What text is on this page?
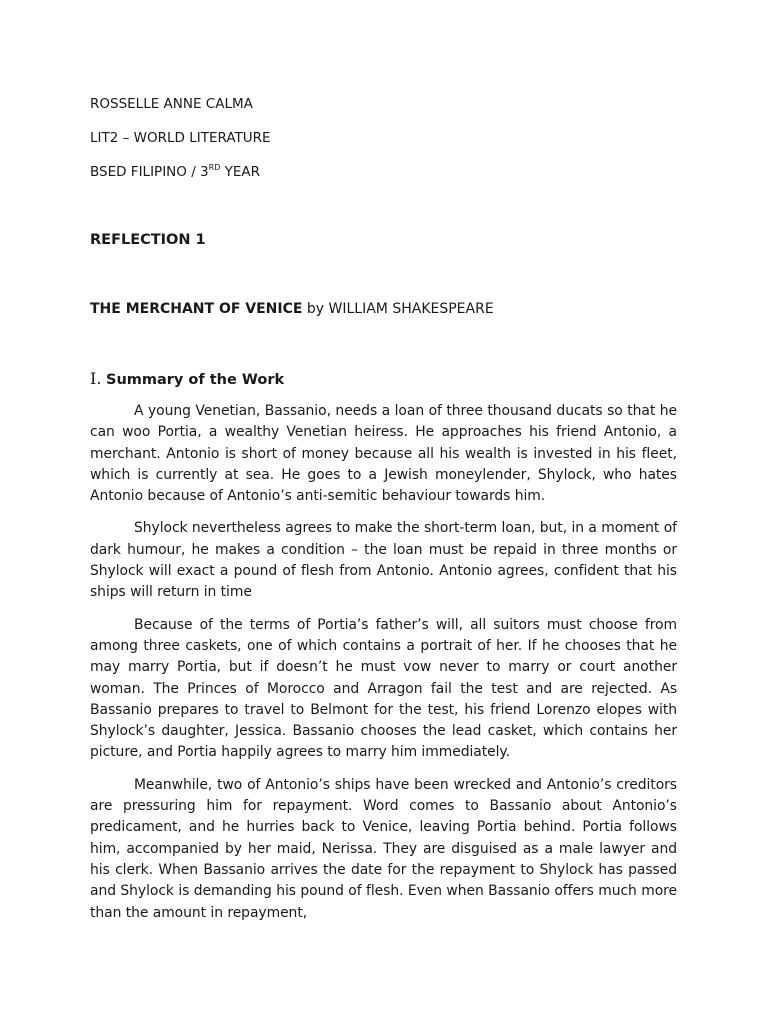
ROSSELLE ANNE CALMA
LIT2 – WORLD LITERATURE
BSED FILIPINO / 3RD YEAR
REFLECTION 1
THE MERCHANT OF VENICE by WILLIAM SHAKESPEARE
I. Summary of the Work

A young Venetian, Bassanio, needs a loan of three thousand ducats so that he can woo Portia, a wealthy Venetian heiress. He approaches his friend Antonio, a merchant. Antonio is short of money because all his wealth is invested in his fleet, which is currently at sea. He goes to a Jewish moneylender, Shylock, who hates Antonio because of Antonio’s anti-semitic behaviour towards him.

Shylock nevertheless agrees to make the short-term loan, but, in a moment of dark humour, he makes a condition – the loan must be repaid in three months or Shylock will exact a pound of flesh from Antonio. Antonio agrees, confident that his ships will return in time

Because of the terms of Portia’s father’s will, all suitors must choose from among three caskets, one of which contains a portrait of her. If he chooses that he may marry Portia, but if doesn’t he must vow never to marry or court another woman. The Princes of Morocco and Arragon fail the test and are rejected. As Bassanio prepares to travel to Belmont for the test, his friend Lorenzo elopes with Shylock’s daughter, Jessica. Bassanio chooses the lead casket, which contains her picture, and Portia happily agrees to marry him immediately.

Meanwhile, two of Antonio’s ships have been wrecked and Antonio’s creditors are pressuring him for repayment. Word comes to Bassanio about Antonio’s predicament, and he hurries back to Venice, leaving Portia behind. Portia follows him, accompanied by her maid, Nerissa. They are disguised as a male lawyer and his clerk. When Bassanio arrives the date for the repayment to Shylock has passed and Shylock is demanding his pound of flesh. Even when Bassanio offers much more than the amount in repayment,
